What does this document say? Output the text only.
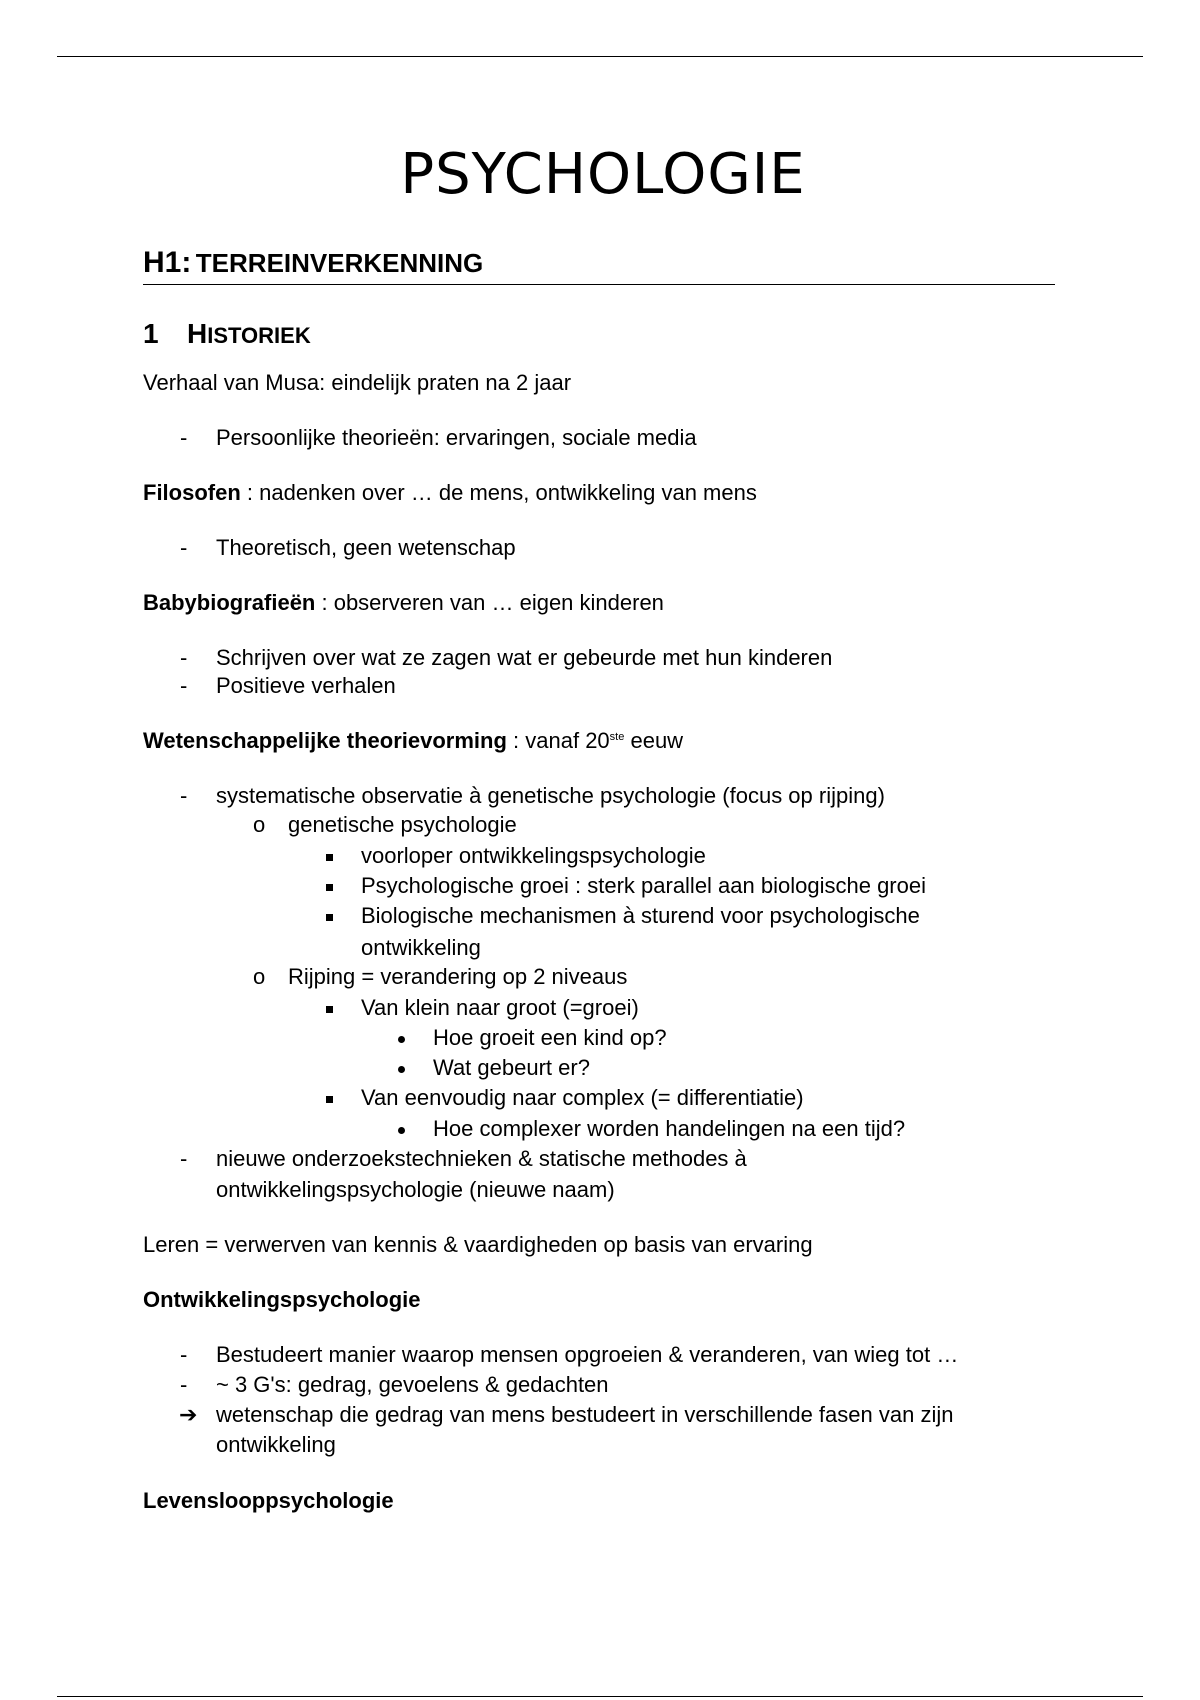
PSYCHOLOGIE
H1: TERREINVERKENNING
1 HISTORIEK
Verhaal van Musa: eindelijk praten na 2 jaar
- Persoonlijke theorieën: ervaringen, sociale media
Filosofen : nadenken over … de mens, ontwikkeling van mens
- Theoretisch, geen wetenschap
Babybiografieën : observeren van … eigen kinderen
- Schrijven over wat ze zagen wat er gebeurde met hun kinderen
- Positieve verhalen
Wetenschappelijke theorievorming : vanaf 20ste eeuw
- systematische observatie à genetische psychologie (focus op rijping)
o genetische psychologie
voorloper ontwikkelingspsychologie
Psychologische groei : sterk parallel aan biologische groei
Biologische mechanismen à sturend voor psychologische
ontwikkeling
o Rijping = verandering op 2 niveaus
Van klein naar groot (=groei)
Hoe groeit een kind op?
Wat gebeurt er?
Van eenvoudig naar complex (= differentiatie)
Hoe complexer worden handelingen na een tijd?
- nieuwe onderzoekstechnieken & statische methodes à
ontwikkelingspsychologie (nieuwe naam)
Leren = verwerven van kennis & vaardigheden op basis van ervaring
Ontwikkelingspsychologie
- Bestudeert manier waarop mensen opgroeien & veranderen, van wieg tot …
- ~ 3 G's: gedrag, gevoelens & gedachten
➔ wetenschap die gedrag van mens bestudeert in verschillende fasen van zijn
ontwikkeling
Levenslooppsychologie
